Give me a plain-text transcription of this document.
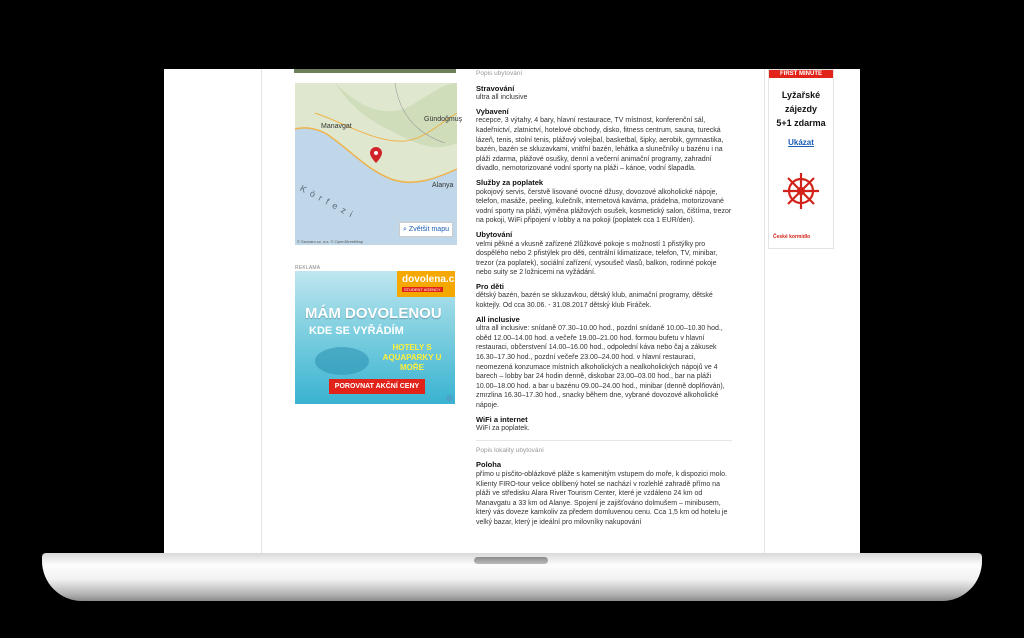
Manavgat
Gündoğmuş
Alanya
Körfezi
⌕ Zvětšit mapu
© Seznam.cz, a.s. © OpenStreetMap
REKLAMA
dovolena.cz
STUDENT AGENCY
MÁM DOVOLENOU
KDE SE VYŘÁDÍM
HOTELY S AQUAPARKY U MOŘE
POROVNAT AKČNÍ CENY
Popis ubytování
Stravování
ultra all inclusive
Vybavení
recepce, 3 výtahy, 4 bary, hlavní restaurace, TV místnost, konferenční sál, kadeřnictví, zlatnictví, hotelové obchody, disko, fitness centrum, sauna, turecká lázeň, tenis, stolní tenis, plážový volejbal, basketbal, šipky, aerobik, gymnastika, bazén, bazén se skluzavkami, vnitřní bazén, lehátka a slunečníky u bazénu i na pláži zdarma, plážové osušky, denní a večerní animační programy, zahradní divadlo, nemotorizované vodní sporty na pláži – kánoe, vodní šlapadla.
Služby za poplatek
pokojový servis, čerstvě lisované ovocné džusy, dovozové alkoholické nápoje, telefon, masáže, peeling, kulečník, internetová kavárna, prádelna, motorizované vodní sporty na pláži, výměna plážových osušek, kosmetický salon, čištírna, trezor na pokoji, WiFi připojení v lobby a na pokoji (poplatek cca 1 EUR/den).
Ubytování
velmi pěkné a vkusně zařízené 2lůžkové pokoje s možností 1 přistýlky pro dospělého nebo 2 přistýlek pro děti, centrální klimatizace, telefon, TV, minibar, trezor (za poplatek), sociální zařízení, vysoušeč vlasů, balkon, rodinné pokoje nebo suity se 2 ložnicemi na vyžádání.
Pro děti
dětský bazén, bazén se skluzavkou, dětský klub, animační programy, dětské koktejly. Od cca 30.06. - 31.08.2017 dětský klub Firáček.
All inclusive
ultra all inclusive: snídaně 07.30–10.00 hod., pozdní snídaně 10.00–10.30 hod., oběd 12.00–14.00 hod. a večeře 19.00–21.00 hod. formou bufetu v hlavní restauraci, občerstvení 14.00–16.00 hod., odpolední káva nebo čaj a zákusek 16.30–17.30 hod., pozdní večeře 23.00–24.00 hod. v hlavní restauraci, neomezená konzumace místních alkoholických a nealkoholických nápojů ve 4 barech – lobby bar 24 hodin denně, diskobar 23.00–03.00 hod., bar na pláži 10.00–18.00 hod. a bar u bazénu 09.00–24.00 hod., minibar (denně doplňován), zmrzlina 16.30–17.30 hod., snacky během dne, vybrané dovozové alkoholické nápoje.
WiFi a internet
WiFi za poplatek.
Popis lokality ubytování
Poloha
přímo u písčito-oblázkové pláže s kamenitým vstupem do moře, k dispozici molo. Klienty FIRO-tour velice oblíbený hotel se nachází v rozlehlé zahradě přímo na pláži ve středisku Alara River Tourism Center, které je vzdáleno 24 km od Manavgatu a 33 km od Alanye. Spojení je zajišťováno dolmušem – minibusem, který vás doveze kamkoliv za předem domluvenou cenu. Cca 1,5 km od hotelu je velký bazar, který je ideální pro milovníky nakupování
FIRST MINUTE
Lyžařské
zájezdy
5+1 zdarma
Ukázat
České kormidlo
